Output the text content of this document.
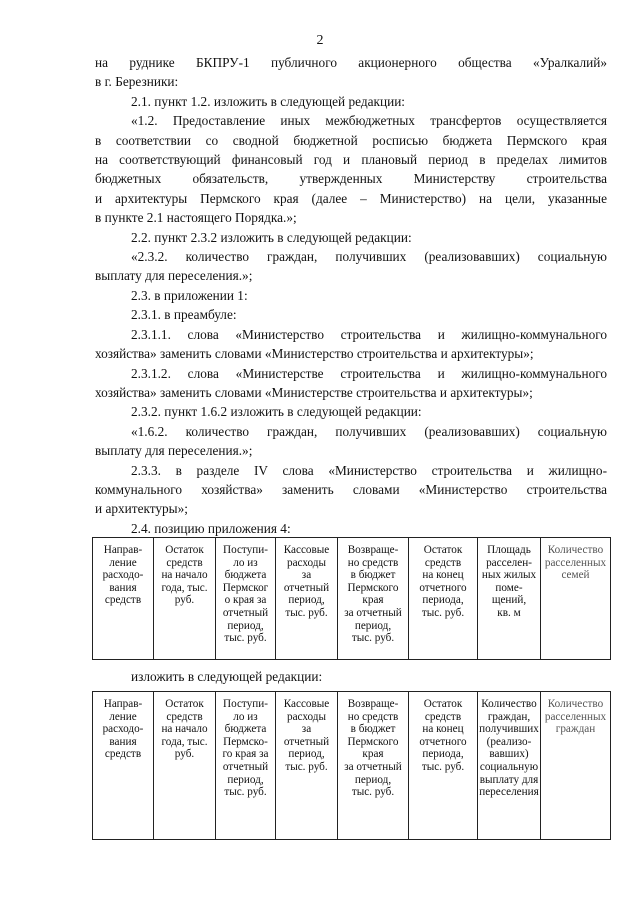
2

на руднике БКПРУ-1 публичного акционерного общества «Уралкалий»

в г. Березники:

2.1. пункт 1.2. изложить в следующей редакции:

«1.2. Предоставление иных межбюджетных трансфертов осуществляется

в соответствии со сводной бюджетной росписью бюджета Пермского края

на соответствующий финансовый год и плановый период в пределах лимитов

бюджетных обязательств, утвержденных Министерству строительства

и архитектуры Пермского края (далее – Министерство) на цели, указанные

в пункте 2.1 настоящего Порядка.»;

2.2. пункт 2.3.2 изложить в следующей редакции:

«2.3.2. количество граждан, получивших (реализовавших) социальную

выплату для переселения.»;

2.3. в приложении 1:

2.3.1. в преамбуле:

2.3.1.1. слова «Министерство строительства и жилищно-коммунального

хозяйства» заменить словами «Министерство строительства и архитектуры»;

2.3.1.2. слова «Министерстве строительства и жилищно-коммунального

хозяйства» заменить словами «Министерстве строительства и архитектуры»;

2.3.2. пункт 1.6.2 изложить в следующей редакции:

«1.6.2. количество граждан, получивших (реализовавших) социальную

выплату для переселения.»;

2.3.3. в разделе IV слова «Министерство строительства и жилищно-

коммунального хозяйства» заменить словами «Министерство строительства

и архитектуры»;

2.4. позицию приложения 4:

Направ-
ление
расходо-
вания
средств	Остаток
средств
на начало
года, тыс.
руб.	Поступи-
ло из
бюджета
Пермског
о края за
отчетный
период,
тыс. руб.	Кассовые
расходы
за
отчетный
период,
тыс. руб.	Возвраще-
но средств
в бюджет
Пермского
края
за отчетный
период,
тыс. руб.	Остаток
средств
на конец
отчетного
периода,
тыс. руб.	Площадь
расселен-
ных жилых
поме-
щений,
кв. м	Количество
расселенных
семей
изложить в следующей редакции:
Направ-
ление
расходо-
вания
средств	Остаток
средств
на начало
года, тыс.
руб.	Поступи-
ло из
бюджета
Пермско-
го края за
отчетный
период,
тыс. руб.	Кассовые
расходы
за
отчетный
период,
тыс. руб.	Возвраще-
но средств
в бюджет
Пермского
края
за отчетный
период,
тыс. руб.	Остаток
средств
на конец
отчетного
периода,
тыс. руб.	Количество
граждан,
получивших
(реализо-
вавших)
социальную
выплату для
переселения	Количество
расселенных
граждан
